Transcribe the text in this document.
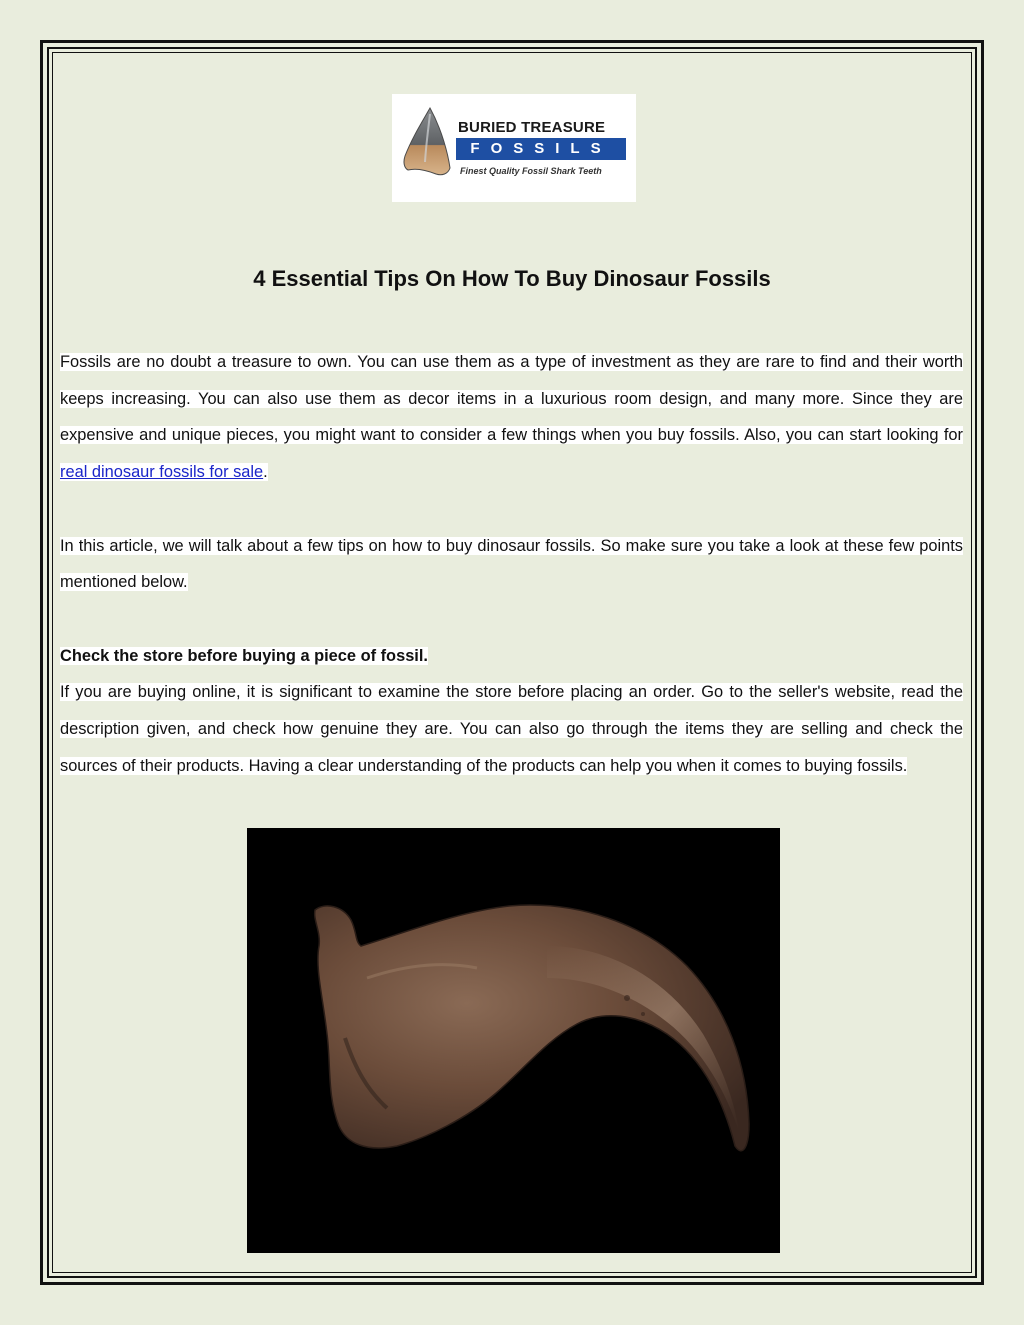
BURIED TREASURE
FOSSILS
Finest Quality Fossil Shark Teeth
4 Essential Tips On How To Buy Dinosaur Fossils

Fossils are no doubt a treasure to own. You can use them as a type of investment as they are rare to find and their worth keeps increasing. You can also use them as decor items in a luxurious room design, and many more. Since they are expensive and unique pieces, you might want to consider a few things when you buy fossils. Also, you can start looking for real dinosaur fossils for sale.

In this article, we will talk about a few tips on how to buy dinosaur fossils. So make sure you take a look at these few points mentioned below.

Check the store before buying a piece of fossil.

If you are buying online, it is significant to examine the store before placing an order. Go to the seller's website, read the description given, and check how genuine they are. You can also go through the items they are selling and check the sources of their products. Having a clear understanding of the products can help you when it comes to buying fossils.
